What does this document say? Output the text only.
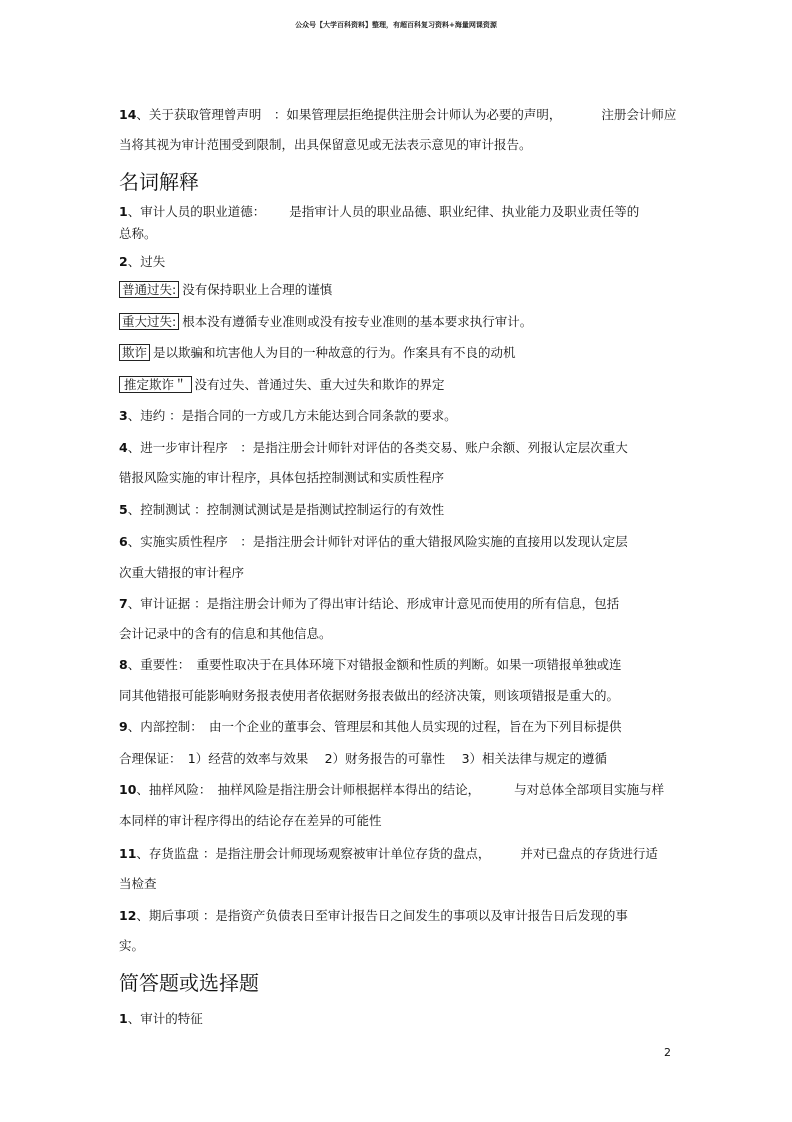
公众号【大学百科资料】整理，有超百科复习资料+海量网课资源
14、关于获取管理曾声明　：如果管理层拒绝提供注册会计师认为必要的声明，	注册会计师应
当将其视为审计范围受到限制，出具保留意见或无法表示意见的审计报告。
名词解释
1、审计人员的职业道德： 是指审计人员的职业品德、职业纪律、执业能力及职业责任等的
总称。
2、过失
普通过失: 没有保持职业上合理的谨慎
重大过失: 根本没有遵循专业准则或没有按专业准则的基本要求执行审计。
欺诈 是以欺骗和坑害他人为目的一种故意的行为。作案具有不良的动机
推定欺诈＂ 没有过失、普通过失、重大过失和欺诈的界定
3、违约 ：是指合同的一方或几方未能达到合同条款的要求。
4、进一步审计程序　：是指注册会计师针对评估的各类交易、账户余额、列报认定层次重大
错报风险实施的审计程序，具体包括控制测试和实质性程序
5、控制测试 ：控制测试测试是是指测试控制运行的有效性
6、实施实质性程序　：是指注册会计师针对评估的重大错报风险实施的直接用以发现认定层
次重大错报的审计程序
7、审计证据 ：是指注册会计师为了得出审计结论、形成审计意见而使用的所有信息，包括
会计记录中的含有的信息和其他信息。
8、重要性：　重要性取决于在具体环境下对错报金额和性质的判断。如果一项错报单独或连
同其他错报可能影响财务报表使用者依据财务报表做出的经济决策，则该项错报是重大的。
9、内部控制：　由一个企业的董事会、管理层和其他人员实现的过程，旨在为下列目标提供
合理保证：　1）经营的效率与效果　 2）财务报告的可靠性　 3）相关法律与规定的遵循
10、抽样风险：　抽样风险是指注册会计师根据样本得出的结论，	与对总体全部项目实施与样
本同样的审计程序得出的结论存在差异的可能性
11、存货监盘 ：是指注册会计师现场观察被审计单位存货的盘点， 并对已盘点的存货进行适
当检查
12、期后事项 ：是指资产负债表日至审计报告日之间发生的事项以及审计报告日后发现的事
实。
简答题或选择题
1、审计的特征
2
